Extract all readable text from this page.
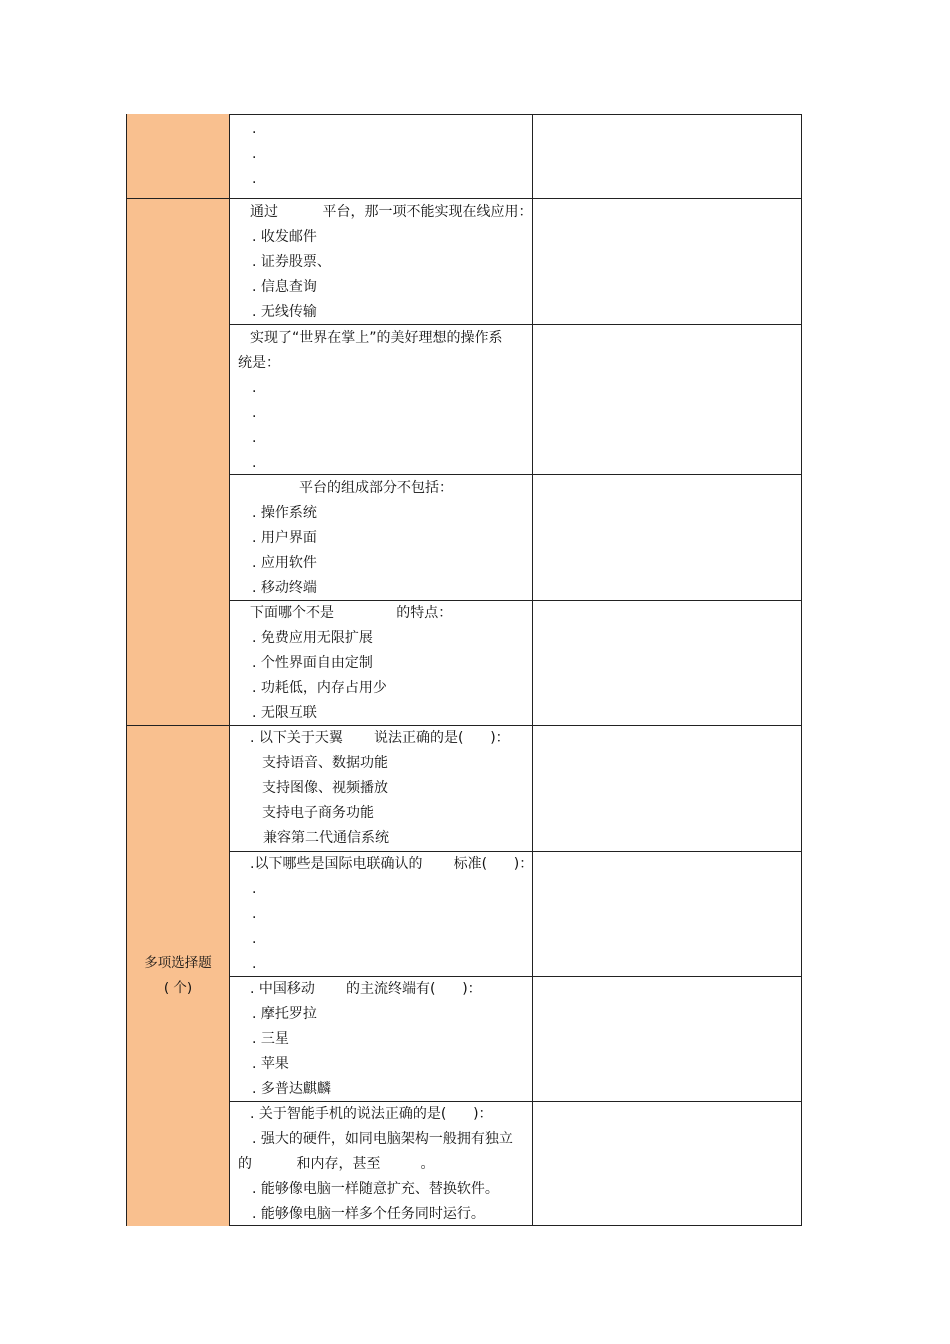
多项选择题
( 个)
.
.
.
通过          平台，那一项不能实现在线应用：
. 收发邮件
. 证券股票、
. 信息查询
. 无线传输
实现了“世界在掌上”的美好理想的操作系
统是：
.
.
.
.
平台的组成部分不包括：
. 操作系统
. 用户界面
. 应用软件
. 移动终端
下面哪个不是              的特点：
. 免费应用无限扩展
. 个性界面自由定制
. 功耗低，内存占用少
. 无限互联
. 以下关于天翼       说法正确的是(      )：
支持语音、数据功能
支持图像、视频播放
支持电子商务功能
兼容第二代通信系统
.以下哪些是国际电联确认的       标准(      )：
.
.
.
.
. 中国移动       的主流终端有(      )：
. 摩托罗拉
. 三星
. 苹果
. 多普达麒麟
. 关于智能手机的说法正确的是(      )：
. 强大的硬件，如同电脑架构一般拥有独立
的          和内存，甚至         。
. 能够像电脑一样随意扩充、替换软件。
. 能够像电脑一样多个任务同时运行。
